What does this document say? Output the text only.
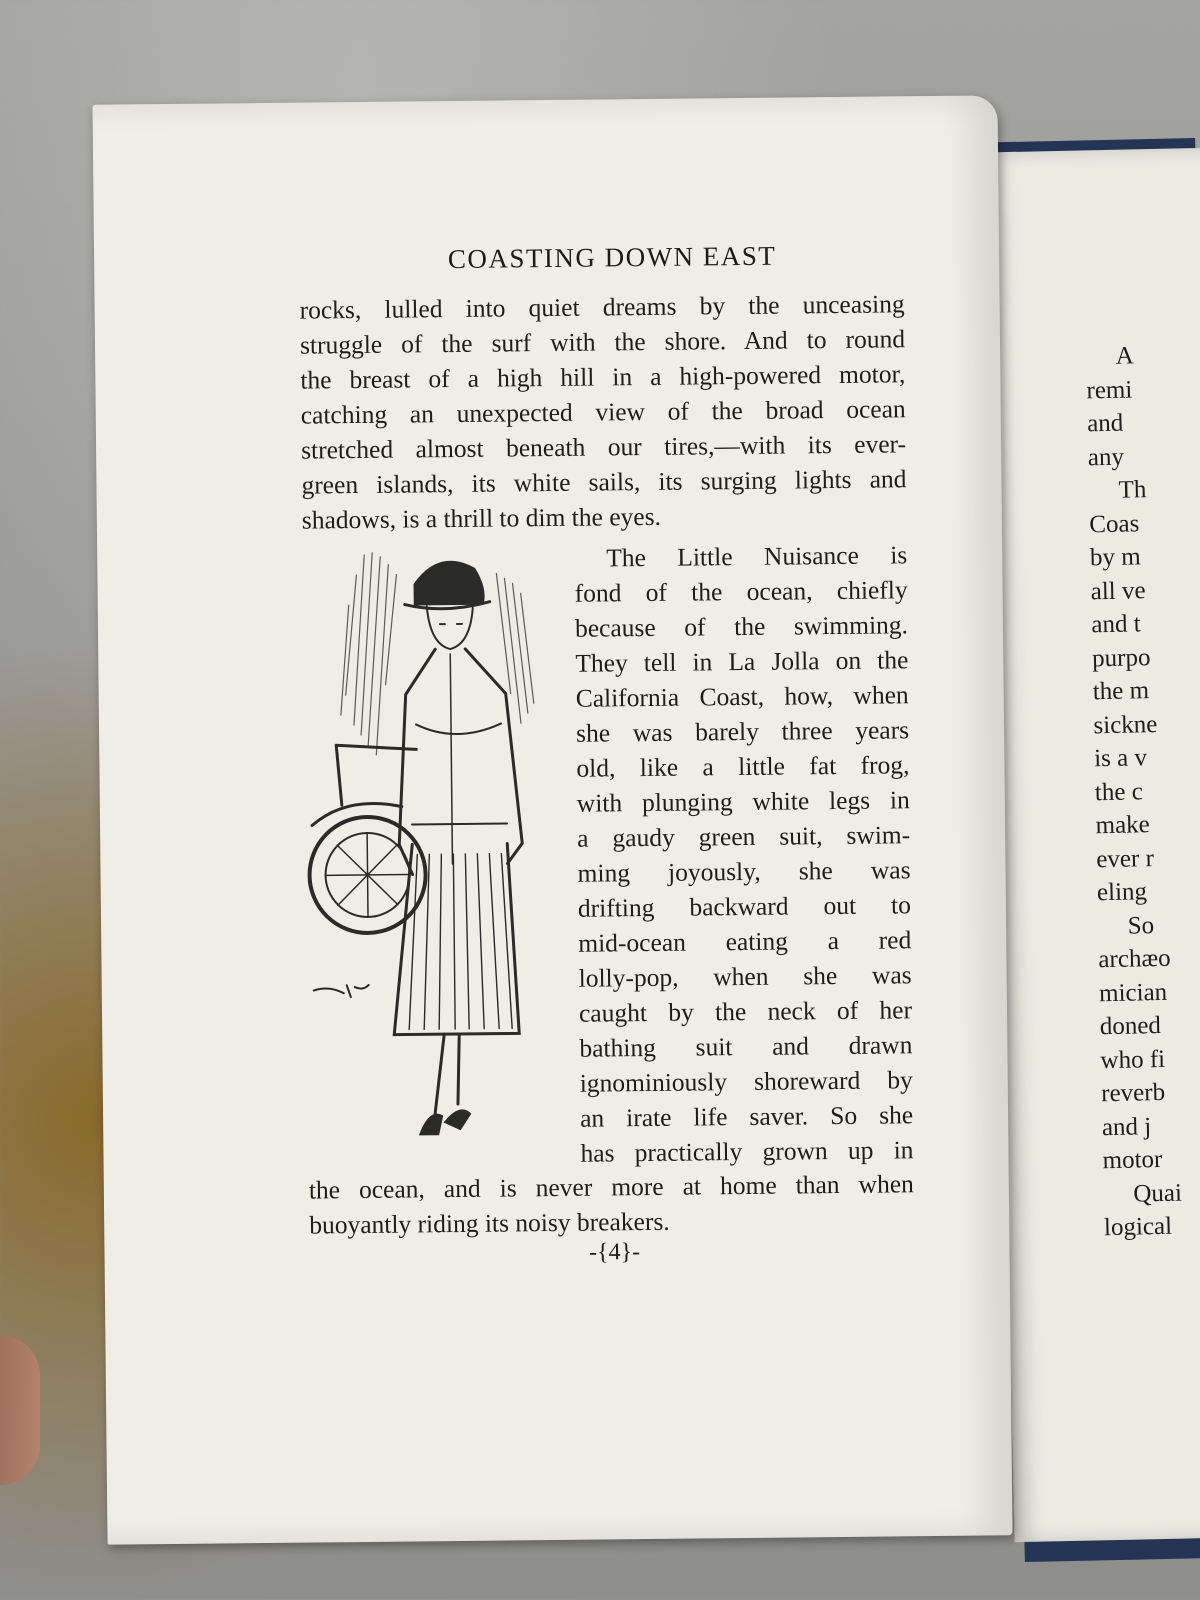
A
remi
and
any
Th
Coas
by m
all ve
and t
purpo
the m
sickne
is a v
the c
make
ever r
eling
So
archæo
mician
doned
who fi
reverb
and j
motor
Quai
logical
COASTING DOWN EAST
rocks, lulled into quiet dreams by the unceasing
struggle of the surf with the shore. And to round
the breast of a high hill in a high-powered motor,
catching an unexpected view of the broad ocean
stretched almost beneath our tires,—with its ever-
green islands, its white sails, its surging lights and
shadows, is a thrill to dim the eyes.
The Little Nuisance is
fond of the ocean, chiefly
because of the swimming.
They tell in La Jolla on the
California Coast, how, when
she was barely three years
old, like a little fat frog,
with plunging white legs in
a gaudy green suit, swim-
ming joyously, she was
drifting backward out to
mid-ocean eating a red
lolly-pop, when she was
caught by the neck of her
bathing suit and drawn
ignominiously shoreward by
an irate life saver. So she
has practically grown up in
the ocean, and is never more at home than when
buoyantly riding its noisy breakers.
-{4}-
